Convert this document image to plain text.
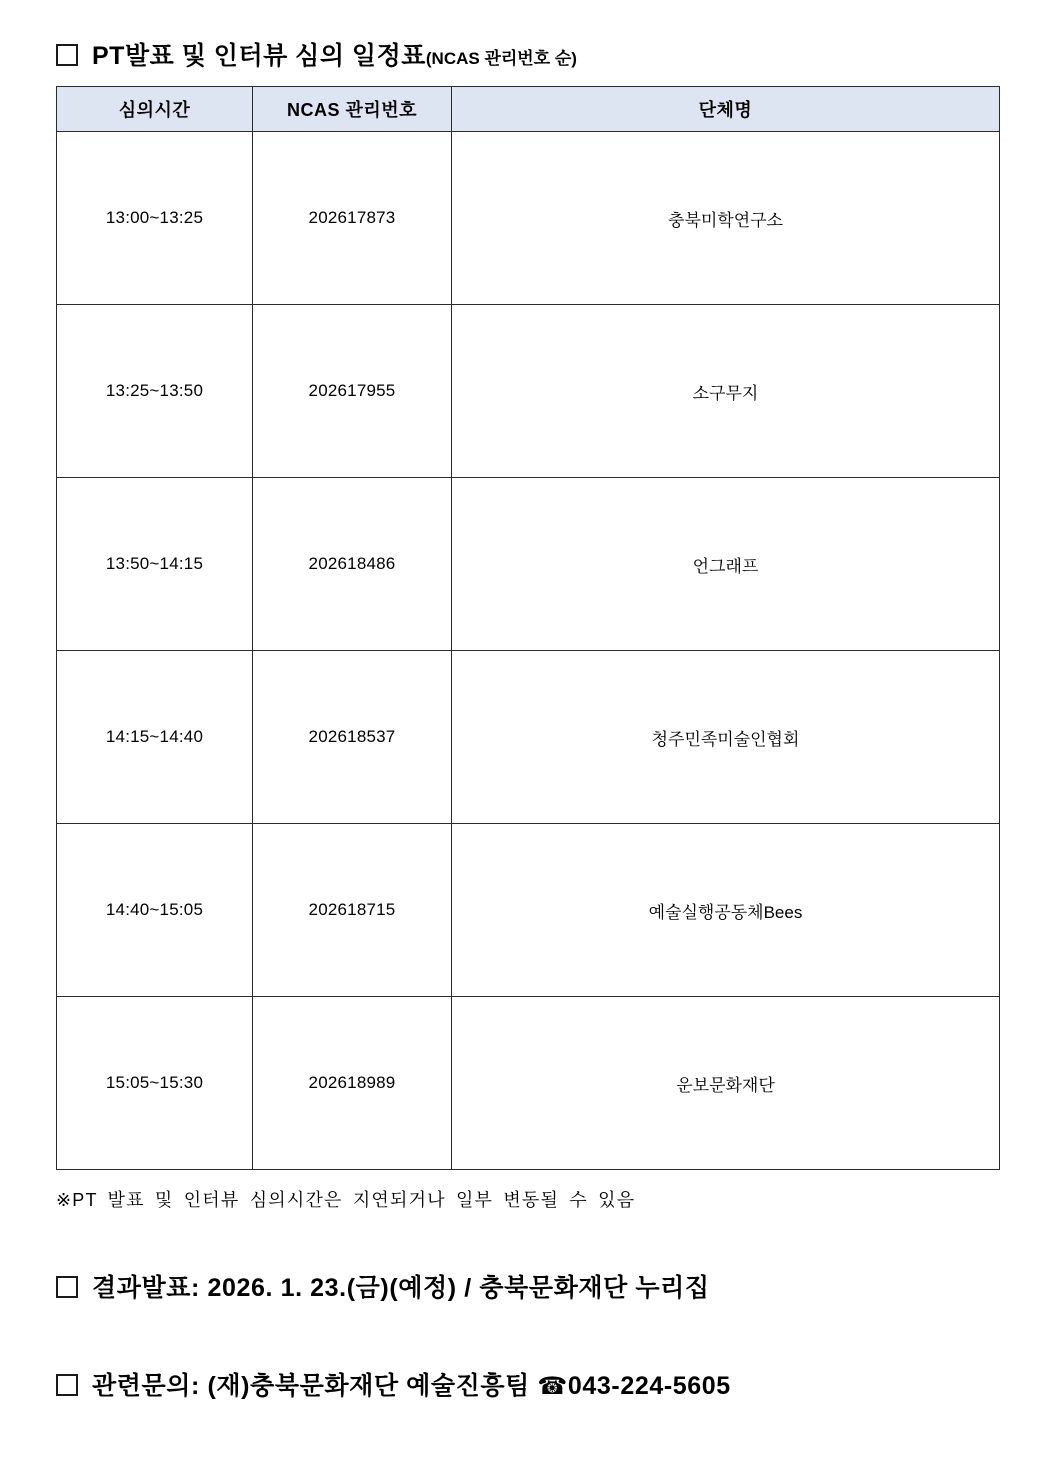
PT발표 및 인터뷰 심의 일정표(NCAS 관리번호 순)
심의시간	NCAS 관리번호	단체명
13:00~13:25	202617873	충북미학연구소
13:25~13:50	202617955	소구무지
13:50~14:15	202618486	언그래프
14:15~14:40	202618537	청주민족미술인협회
14:40~15:05	202618715	예술실행공동체Bees
15:05~15:30	202618989	운보문화재단

※PT 발표 및 인터뷰 심의시간은 지연되거나 일부 변동될 수 있음

결과발표: 2026. 1. 23.(금)(예정) / 충북문화재단 누리집
관련문의: (재)충북문화재단 예술진흥팀 ☎043-224-5605
